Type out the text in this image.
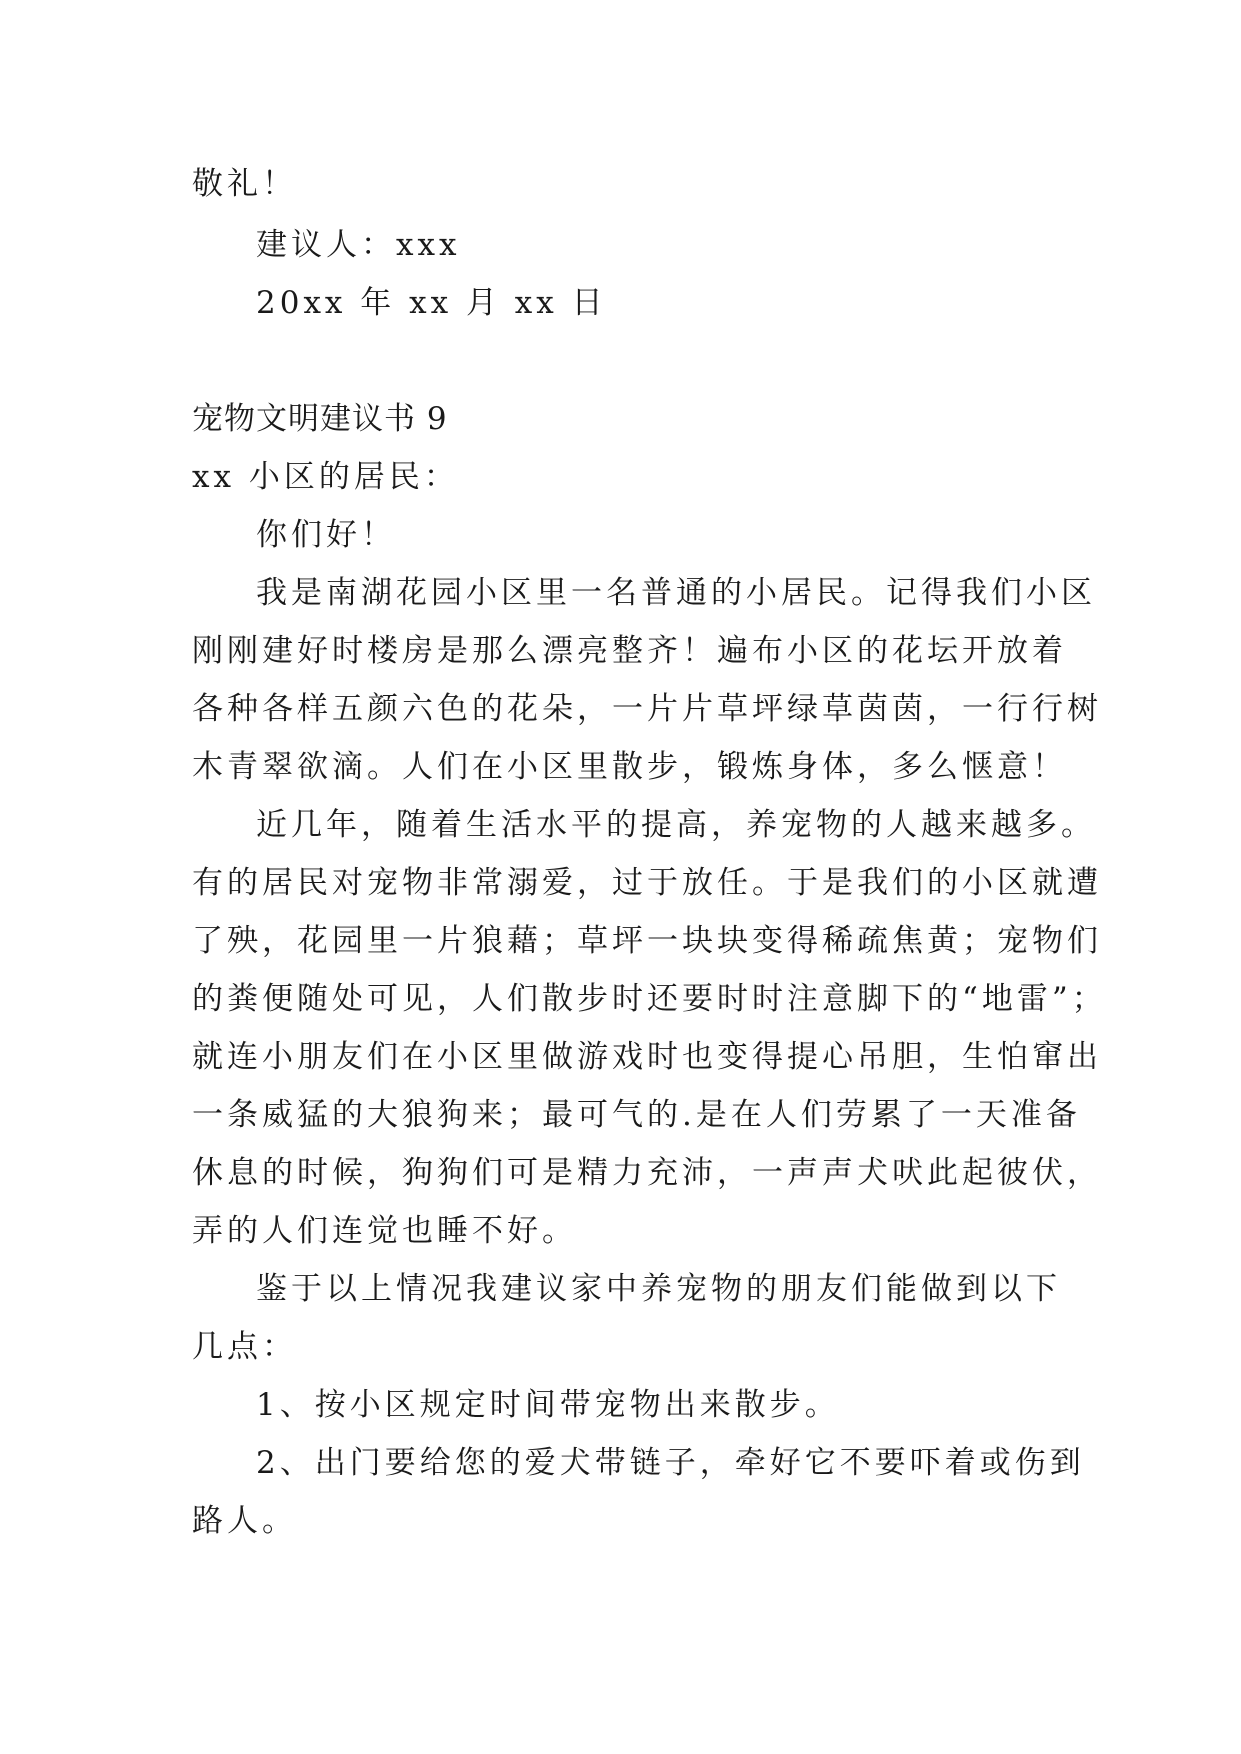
敬礼！
建议人：xxx
20xx 年 xx 月 xx 日
宠物文明建议书 9
xx 小区的居民：
你们好！
我是南湖花园小区里一名普通的小居民。记得我们小区
刚刚建好时楼房是那么漂亮整齐！遍布小区的花坛开放着
各种各样五颜六色的花朵，一片片草坪绿草茵茵，一行行树
木青翠欲滴。人们在小区里散步，锻炼身体，多么惬意！
近几年，随着生活水平的提高，养宠物的人越来越多。
有的居民对宠物非常溺爱，过于放任。于是我们的小区就遭
了殃，花园里一片狼藉；草坪一块块变得稀疏焦黄；宠物们
的粪便随处可见，人们散步时还要时时注意脚下的“地雷”；
就连小朋友们在小区里做游戏时也变得提心吊胆，生怕窜出
一条威猛的大狼狗来；最可气的.是在人们劳累了一天准备
休息的时候，狗狗们可是精力充沛，一声声犬吠此起彼伏，
弄的人们连觉也睡不好。
鉴于以上情况我建议家中养宠物的朋友们能做到以下
几点：
1、按小区规定时间带宠物出来散步。
2、出门要给您的爱犬带链子，牵好它不要吓着或伤到
路人。
